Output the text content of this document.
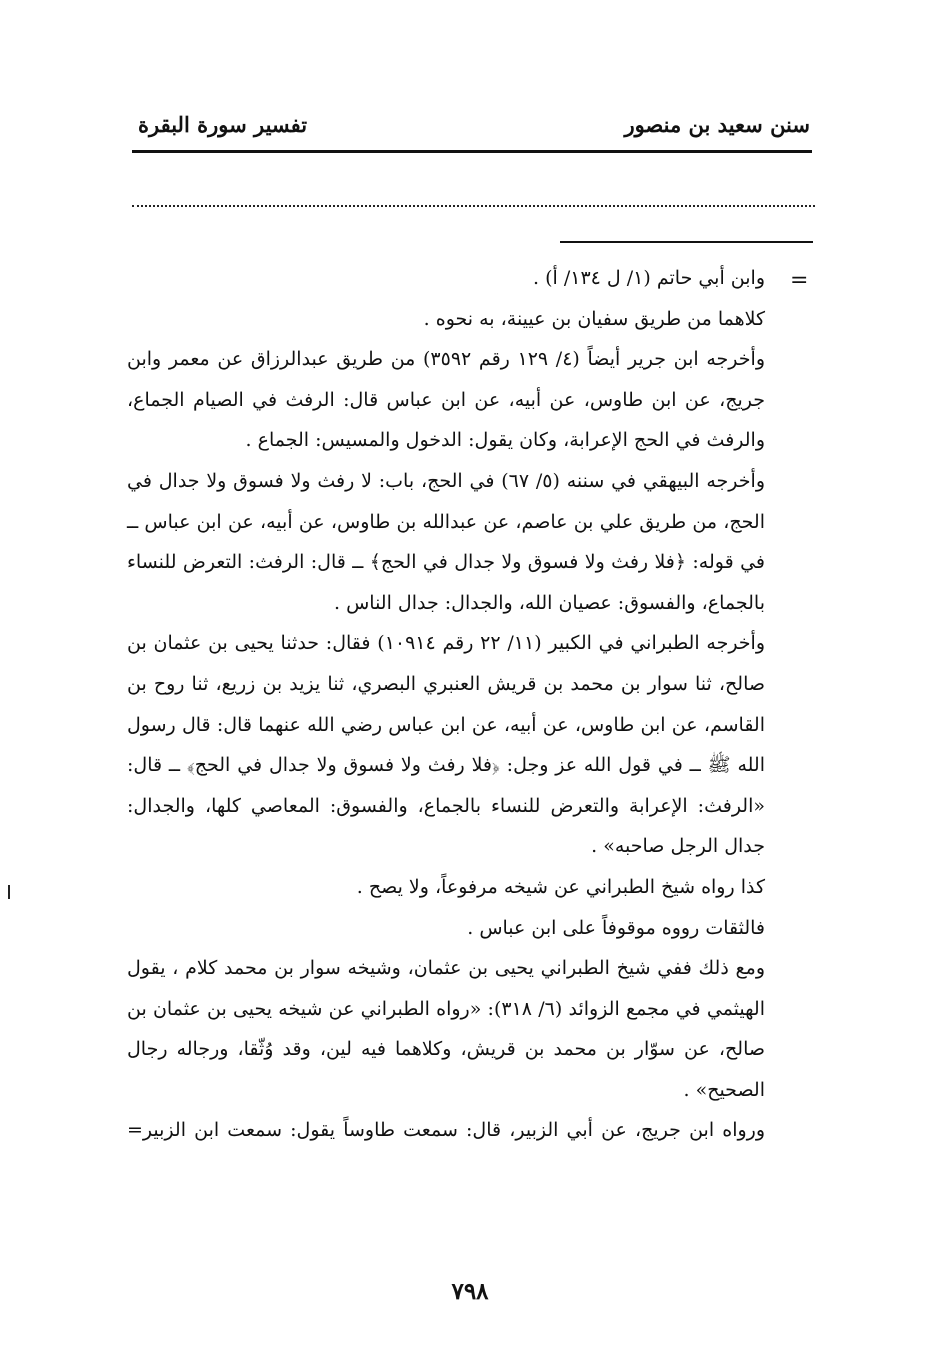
سنن سعيد بن منصور
تفسير سورة البقرة
=

وابن أبي حاتم (١/ ل ١٣٤/ أ) .

كلاهما من طريق سفيان بن عيينة، به نحوه .

وأخرجه ابن جرير أيضاً (٤/ ١٢٩ رقم ٣٥٩٢) من طريق عبدالرزاق عن معمر وابن جريج، عن ابن طاوس، عن أبيه، عن ابن عباس قال: الرفث في الصيام الجماع، والرفث في الحج الإعرابة، وكان يقول: الدخول والمسيس: الجماع .

وأخرجه البيهقي في سننه (٥/ ٦٧) في الحج، باب: لا رفث ولا فسوق ولا جدال في الحج، من طريق علي بن عاصم، عن عبدالله بن طاوس، عن أبيه، عن ابن عباس ــ في قوله: ﴿فلا رفث ولا فسوق ولا جدال في الحج﴾ ــ قال: الرفث: التعرض للنساء بالجماع، والفسوق: عصيان الله، والجدال: جدال الناس .

وأخرجه الطبراني في الكبير (١١/ ٢٢ رقم ١٠٩١٤) فقال: حدثنا يحيى بن عثمان بن صالح، ثنا سوار بن محمد بن قريش العنبري البصري، ثنا يزيد بن زريع، ثنا روح بن القاسم، عن ابن طاوس، عن أبيه، عن ابن عباس رضي الله عنهما قال: قال رسول الله ﷺ ــ في قول الله عز وجل: ﴿فلا رفث ولا فسوق ولا جدال في الحج﴾ ــ قال: «الرفث: الإعرابة والتعرض للنساء بالجماع، والفسوق: المعاصي كلها، والجدال: جدال الرجل صاحبه» .

كذا رواه شيخ الطبراني عن شيخه مرفوعاً، ولا يصح .

فالثقات رووه موقوفاً على ابن عباس .

ومع ذلك ففي شيخ الطبراني يحيى بن عثمان، وشيخه سوار بن محمد كلام ، يقول الهيثمي في مجمع الزوائد (٦/ ٣١٨): «رواه الطبراني عن شيخه يحيى بن عثمان بن صالح، عن سوّار بن محمد بن قريش، وكلاهما فيه لين، وقد وُثّقا، ورجاله رجال الصحيح» .

ورواه ابن جريج، عن أبي الزبير، قال: سمعت طاوساً يقول: سمعت ابن الزبير=

٧٩٨
